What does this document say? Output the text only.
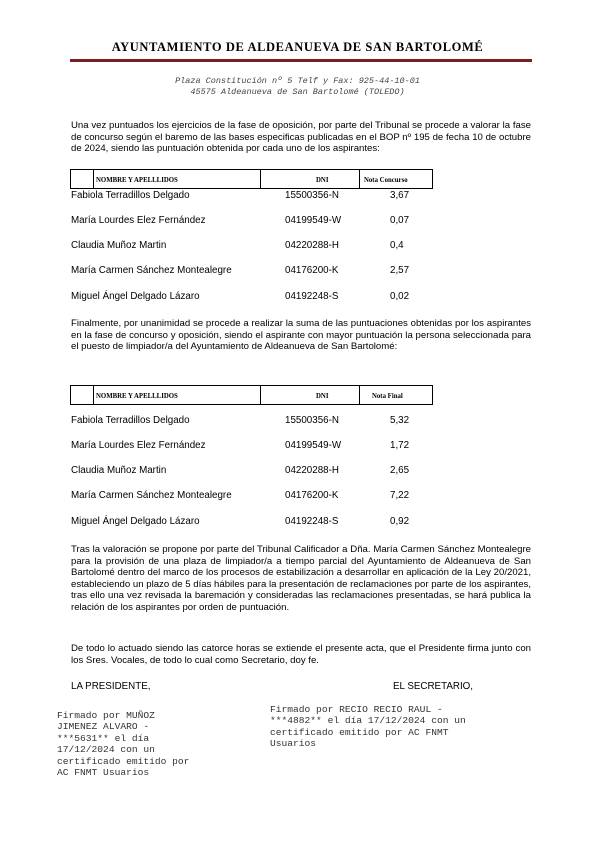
AYUNTAMIENTO DE ALDEANUEVA DE SAN BARTOLOMÉ
Plaza Constitución nº 5 Telf y Fax: 925-44-10-01
45575 Aldeanueva de San Bartolomé (TOLEDO)
Una vez puntuados los ejercicios de la fase de oposición, por parte del Tribunal se procede a valorar la fase de concurso según el baremo de las bases especificas publicadas en el BOP nº 195 de fecha 10 de octubre de 2024, siendo las puntuación obtenida por cada uno de los aspirantes:
NOMBRE Y APELLLIDOS	DNI	Nota Concurso
Fabiola Terradillos Delgado	15500356-N	3,67
María Lourdes Elez Fernández	04199549-W	0,07
Claudia Muñoz Martin	04220288-H	0,4
María Carmen Sánchez Montealegre	04176200-K	2,57
Miguel Ángel Delgado Lázaro	04192248-S	0,02
Finalmente, por unanimidad se procede a realizar la suma de las puntuaciones obtenidas por los aspirantes en la fase de concurso y oposición, siendo el aspirante con mayor puntuación la persona seleccionada para el puesto de limpiador/a del Ayuntamiento de Aldeanueva de San Bartolomé:
NOMBRE Y APELLLIDOS	DNI	Nota Final
Fabiola Terradillos Delgado	15500356-N	5,32
María Lourdes Elez Fernández	04199549-W	1,72
Claudia Muñoz Martin	04220288-H	2,65
María Carmen Sánchez Montealegre	04176200-K	7,22
Miguel Ángel Delgado Lázaro	04192248-S	0,92
Tras la valoración se propone por parte del Tribunal Calificador a Dña. María Carmen Sánchez Montealegre para la provisión de una plaza de limpiador/a a tiempo parcial del Ayuntamiento de Aldeanueva de San Bartolomé dentro del marco de los procesos de estabilización a desarrollar en aplicación de la Ley 20/2021, estableciendo un plazo de 5 días hábiles para la presentación de reclamaciones por parte de los aspirantes, tras ello una vez revisada la baremación y consideradas las reclamaciones presentadas, se hará publica la relación de los aspirantes por orden de puntuación.
De todo lo actuado siendo las catorce horas se extiende el presente acta, que el Presidente firma junto con los Sres. Vocales, de todo lo cual como Secretario, doy fe.
LA PRESIDENTE,	EL SECRETARIO,
Firmado por MUÑOZ
JIMENEZ ALVARO -
***5631** el día
17/12/2024 con un
certificado emitido por
AC FNMT Usuarios
Firmado por RECIO RECIO RAUL -
***4882** el día 17/12/2024 con un
certificado emitido por AC FNMT
Usuarios
